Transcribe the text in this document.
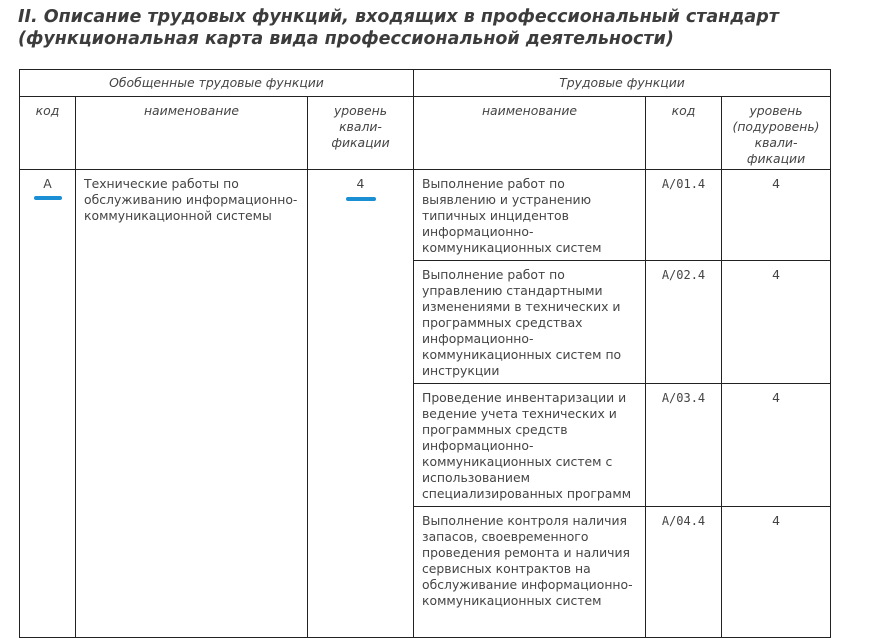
II. Описание трудовых функций, входящих в профессиональный стандарт
(функциональная карта вида профессиональной деятельности)
Обобщенные трудовые функции			Трудовые функции		
код	наименование	уровень квали-фикации	наименование	код	уровень (подуровень) квали-фикации
А	Технические работы по обслуживанию информационно-коммуникационной системы	4	Выполнение работ по выявлению и устранению типичных инцидентов информационно-коммуникационных систем	А/01.4	4
			Выполнение работ по управлению стандартными изменениями в технических и программных средствах информационно-коммуникационных систем по инструкции	А/02.4	4
			Проведение инвентаризации и ведение учета технических и программных средств информационно-коммуникационных систем с использованием специализированных программ	А/03.4	4
			Выполнение контроля наличия запасов, своевременного проведения ремонта и наличия сервисных контрактов на обслуживание информационно-коммуникационных систем	А/04.4	4
